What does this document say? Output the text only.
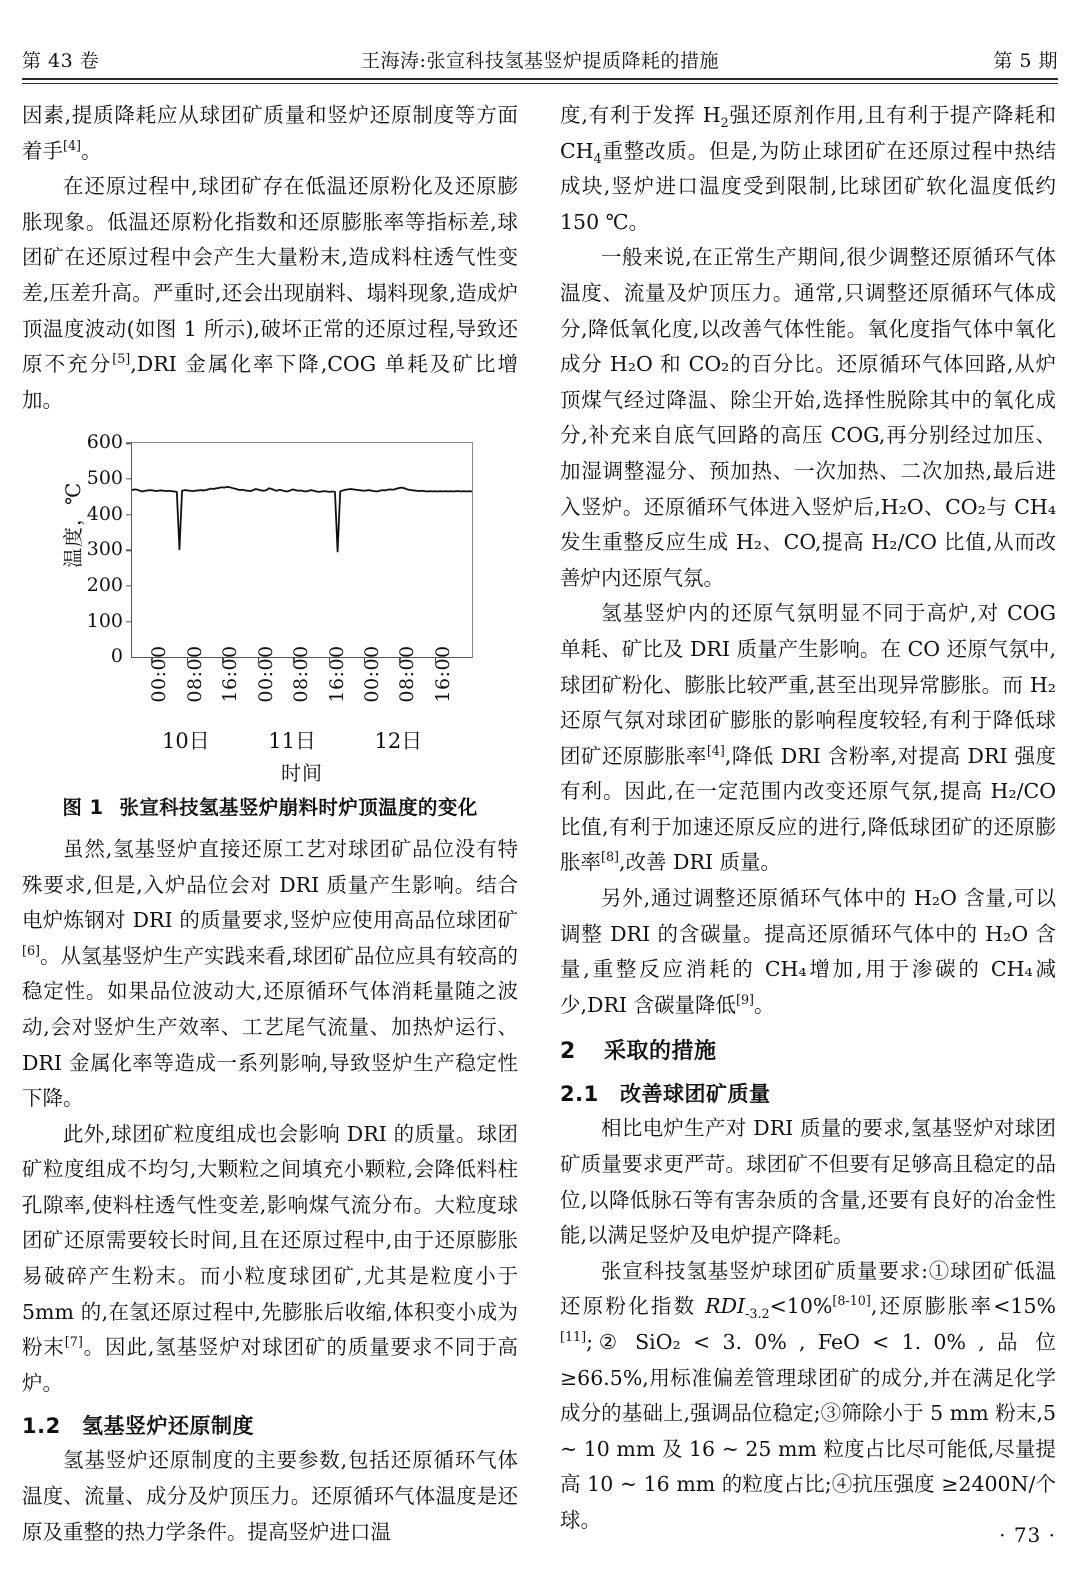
第 43 卷	王海涛:张宣科技氢基竖炉提质降耗的措施	第 5 期

因素,提质降耗应从球团矿质量和竖炉还原制度等方面着手[4]。

在还原过程中,球团矿存在低温还原粉化及还原膨胀现象。低温还原粉化指数和还原膨胀率等指标差,球团矿在还原过程中会产生大量粉末,造成料柱透气性变差,压差升高。严重时,还会出现崩料、塌料现象,造成炉顶温度波动(如图 1 所示),破坏正常的还原过程,导致还原不充分[5],DRI 金属化率下降,COG 单耗及矿比增加。

温度，℃
0
100
200
300
400
500
600
00:00 08:00 16:00 00:00 08:00 16:00 00:00 08:00 16:00
10日	11日	12日
时间
图 1 张宣科技氢基竖炉崩料时炉顶温度的变化

虽然,氢基竖炉直接还原工艺对球团矿品位没有特殊要求,但是,入炉品位会对 DRI 质量产生影响。结合电炉炼钢对 DRI 的质量要求,竖炉应使用高品位球团矿[6]。从氢基竖炉生产实践来看,球团矿品位应具有较高的稳定性。如果品位波动大,还原循环气体消耗量随之波动,会对竖炉生产效率、工艺尾气流量、加热炉运行、DRI 金属化率等造成一系列影响,导致竖炉生产稳定性下降。

此外,球团矿粒度组成也会影响 DRI 的质量。球团矿粒度组成不均匀,大颗粒之间填充小颗粒,会降低料柱孔隙率,使料柱透气性变差,影响煤气流分布。大粒度球团矿还原需要较长时间,且在还原过程中,由于还原膨胀易破碎产生粉末。而小粒度球团矿,尤其是粒度小于 5mm 的,在氢还原过程中,先膨胀后收缩,体积变小成为粉末[7]。因此,氢基竖炉对球团矿的质量要求不同于高炉。

1.2 氢基竖炉还原制度

氢基竖炉还原制度的主要参数,包括还原循环气体温度、流量、成分及炉顶压力。还原循环气体温度是还原及重整的热力学条件。提高竖炉进口温

度,有利于发挥 $H_2$强还原剂作用,且有利于提产降耗和 $CH_4$重整改质。但是,为防止球团矿在还原过程中热结成块,竖炉进口温度受到限制,比球团矿软化温度低约 150 ℃。

一般来说,在正常生产期间,很少调整还原循环气体温度、流量及炉顶压力。通常,只调整还原循环气体成分,降低氧化度,以改善气体性能。氧化度指气体中氧化成分 H₂O 和 CO₂的百分比。还原循环气体回路,从炉顶煤气经过降温、除尘开始,选择性脱除其中的氧化成分,补充来自底气回路的高压 COG,再分别经过加压、加湿调整湿分、预加热、一次加热、二次加热,最后进入竖炉。还原循环气体进入竖炉后,H₂O、CO₂与 CH₄发生重整反应生成 H₂、CO,提高 H₂/CO 比值,从而改善炉内还原气氛。

氢基竖炉内的还原气氛明显不同于高炉,对 COG 单耗、矿比及 DRI 质量产生影响。在 CO 还原气氛中,球团矿粉化、膨胀比较严重,甚至出现异常膨胀。而 H₂还原气氛对球团矿膨胀的影响程度较轻,有利于降低球团矿还原膨胀率[4],降低 DRI 含粉率,对提高 DRI 强度有利。因此,在一定范围内改变还原气氛,提高 H₂/CO 比值,有利于加速还原反应的进行,降低球团矿的还原膨胀率[8],改善 DRI 质量。

另外,通过调整还原循环气体中的 H₂O 含量,可以调整 DRI 的含碳量。提高还原循环气体中的 H₂O 含量,重整反应消耗的 CH₄增加,用于渗碳的 CH₄减少,DRI 含碳量降低[9]。

2 采取的措施
2.1 改善球团矿质量

相比电炉生产对 DRI 质量的要求,氢基竖炉对球团矿质量要求更严苛。球团矿不但要有足够高且稳定的品位,以降低脉石等有害杂质的含量,还要有良好的冶金性能,以满足竖炉及电炉提产降耗。

张宣科技氢基竖炉球团矿质量要求:①球团矿低温还原粉化指数 $RDI_{-3.2}<10\%[8-10]$,还原膨胀率<15%[11];② SiO₂ < 3. 0% , FeO < 1. 0% , 品 位 ≥66.5%,用标准偏差管理球团矿的成分,并在满足化学成分的基础上,强调品位稳定;③筛除小于 5 mm 粉末,5 ~ 10 mm 及 16 ~ 25 mm 粒度占比尽可能低,尽量提高 10 ~ 16 mm 的粒度占比;④抗压强度 ≥2400N/个球。

· 73 ·
